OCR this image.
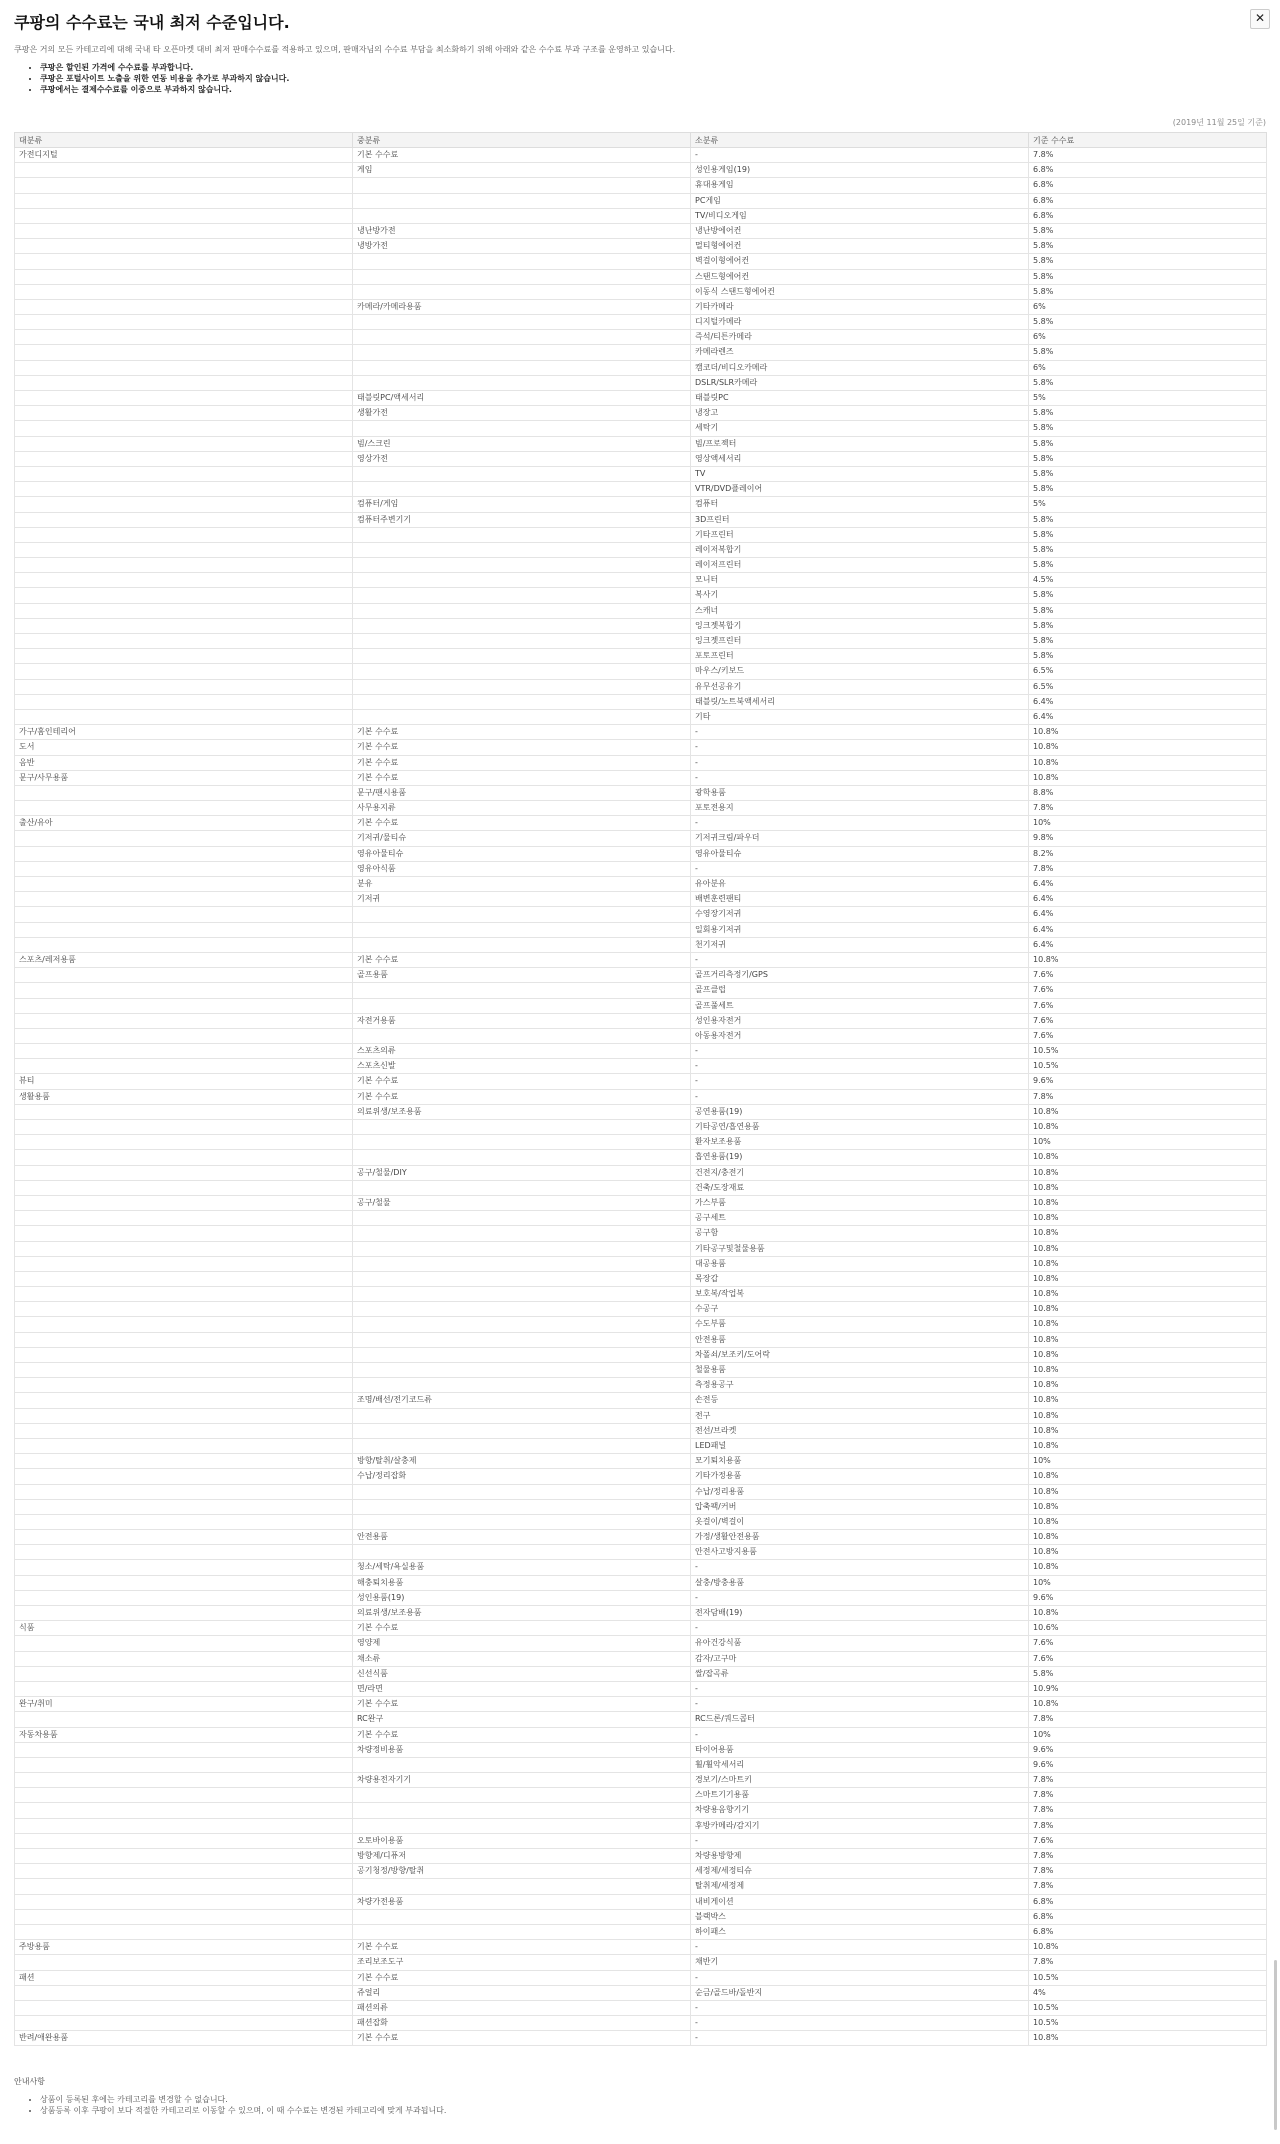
쿠팡의 수수료는 국내 최저 수준입니다.	✕
쿠팡은 거의 모든 카테고리에 대해 국내 타 오픈마켓 대비 최저 판매수수료를 적용하고 있으며, 판매자님의 수수료 부담을 최소화하기 위해 아래와 같은 수수료 부과 구조를 운영하고 있습니다.
• 쿠팡은 할인된 가격에 수수료를 부과합니다.
• 쿠팡은 포털사이트 노출을 위한 연동 비용을 추가로 부과하지 않습니다.
• 쿠팡에서는 결제수수료를 이중으로 부과하지 않습니다.
(2019년 11월 25일 기준)
대분류	중분류	소분류	기준 수수료
가전디지털	기본 수수료	-	7.8%
	게임	성인용게임(19)	6.8%
		휴대용게임	6.8%
		PC게임	6.8%
		TV/비디오게임	6.8%
	냉난방가전	냉난방에어컨	5.8%
	냉방가전	멀티형에어컨	5.8%
		벽걸이형에어컨	5.8%
		스탠드형에어컨	5.8%
		이동식 스탠드형에어컨	5.8%
	카메라/카메라용품	기타카메라	6%
		디지털카메라	5.8%
		즉석/티튼카메라	6%
		카메라렌즈	5.8%
		캠코더/비디오카메라	6%
		DSLR/SLR카메라	5.8%
	태블릿PC/액세서리	태블릿PC	5%
	생활가전	냉장고	5.8%
		세탁기	5.8%
	빔/스크린	빔/프로젝터	5.8%
	영상가전	영상액세서리	5.8%
		TV	5.8%
		VTR/DVD플레이어	5.8%
	컴퓨터/게임	컴퓨터	5%
	컴퓨터주변기기	3D프린터	5.8%
		기타프린터	5.8%
		레이저복합기	5.8%
		레이저프린터	5.8%
		모니터	4.5%
		복사기	5.8%
		스캐너	5.8%
		잉크젯복합기	5.8%
		잉크젯프린터	5.8%
		포토프린터	5.8%
		마우스/키보드	6.5%
		유무선공유기	6.5%
		태블릿/노트북액세서리	6.4%
		기타	6.4%
가구/홈인테리어	기본 수수료	-	10.8%
도서	기본 수수료	-	10.8%
음반	기본 수수료	-	10.8%
문구/사무용품	기본 수수료	-	10.8%
	문구/팬시용품	광학용품	8.8%
	사무용지류	포토전용지	7.8%
출산/유아	기본 수수료	-	10%
	기저귀/물티슈	기저귀크림/파우더	9.8%
	영유아물티슈	영유아물티슈	8.2%
	영유아식품	-	7.8%
	분유	유아분유	6.4%
	기저귀	배변훈련팬티	6.4%
		수영장기저귀	6.4%
		일회용기저귀	6.4%
		천기저귀	6.4%
스포츠/레저용품	기본 수수료	-	10.8%
	골프용품	골프거리측정기/GPS	7.6%
		골프클럽	7.6%
		골프풀세트	7.6%
	자전거용품	성인용자전거	7.6%
		아동용자전거	7.6%
	스포츠의류	-	10.5%
	스포츠신발	-	10.5%
뷰티	기본 수수료	-	9.6%
생활용품	기본 수수료	-	7.8%
	의료위생/보조용품	공연용품(19)	10.8%
		기타공연/흡연용품	10.8%
		환자보조용품	10%
		흡연용품(19)	10.8%
	공구/철물/DIY	건전지/충전기	10.8%
		건축/도장재료	10.8%
	공구/철물	가스부품	10.8%
		공구세트	10.8%
		공구함	10.8%
		기타공구및철물용품	10.8%
		대공용품	10.8%
		목장갑	10.8%
		보호복/작업복	10.8%
		수공구	10.8%
		수도부품	10.8%
		안전용품	10.8%
		차폴쇠/보조키/도어락	10.8%
		철물용품	10.8%
		측정용공구	10.8%
	조명/배선/전기코드류	손전등	10.8%
		전구	10.8%
		전선/브라켓	10.8%
		LED패널	10.8%
	방향/탈취/살충제	모기퇴치용품	10%
	수납/정리잡화	기타가정용품	10.8%
		수납/정리용품	10.8%
		압축팩/커버	10.8%
		옷걸이/벽걸이	10.8%
	안전용품	가정/생활안전용품	10.8%
		안전사고방지용품	10.8%
	청소/세탁/욕실용품	-	10.8%
	해충퇴치용품	살충/방충용품	10%
	성인용품(19)	-	9.6%
	의료위생/보조용품	전자담배(19)	10.8%
식품	기본 수수료	-	10.6%
	영양제	유아건강식품	7.6%
	채소류	감자/고구마	7.6%
	신선식품	쌀/잡곡류	5.8%
	면/라면	-	10.9%
완구/취미	기본 수수료	-	10.8%
	RC완구	RC드론/쿼드콥터	7.8%
자동차용품	기본 수수료	-	10%
	차량정비용품	타이어용품	9.6%
		휠/휠악세서리	9.6%
	차량용전자기기	경보기/스마트키	7.8%
		스마트기기용품	7.8%
		차량용음향기기	7.8%
		후방카메라/감지기	7.8%
	오토바이용품	-	7.6%
	방향제/디퓨저	차량용방향제	7.8%
	공기청정/방향/탈취	세정제/세정티슈	7.8%
		탈취제/세정제	7.8%
	차량가전용품	내비게이션	6.8%
		블랙박스	6.8%
		하이패스	6.8%
주방용품	기본 수수료	-	10.8%
	조리보조도구	채반기	7.8%
패션	기본 수수료	-	10.5%
	쥬얼리	순금/골드바/돌반지	4%
	패션의류	-	10.5%
	패션잡화	-	10.5%
반려/애완용품	기본 수수료	-	10.8%
안내사항
• 상품이 등록된 후에는 카테고리를 변경할 수 없습니다.
• 상품등록 이후 쿠팡이 보다 적절한 카테고리로 이동할 수 있으며, 이 때 수수료는 변경된 카테고리에 맞게 부과됩니다.
